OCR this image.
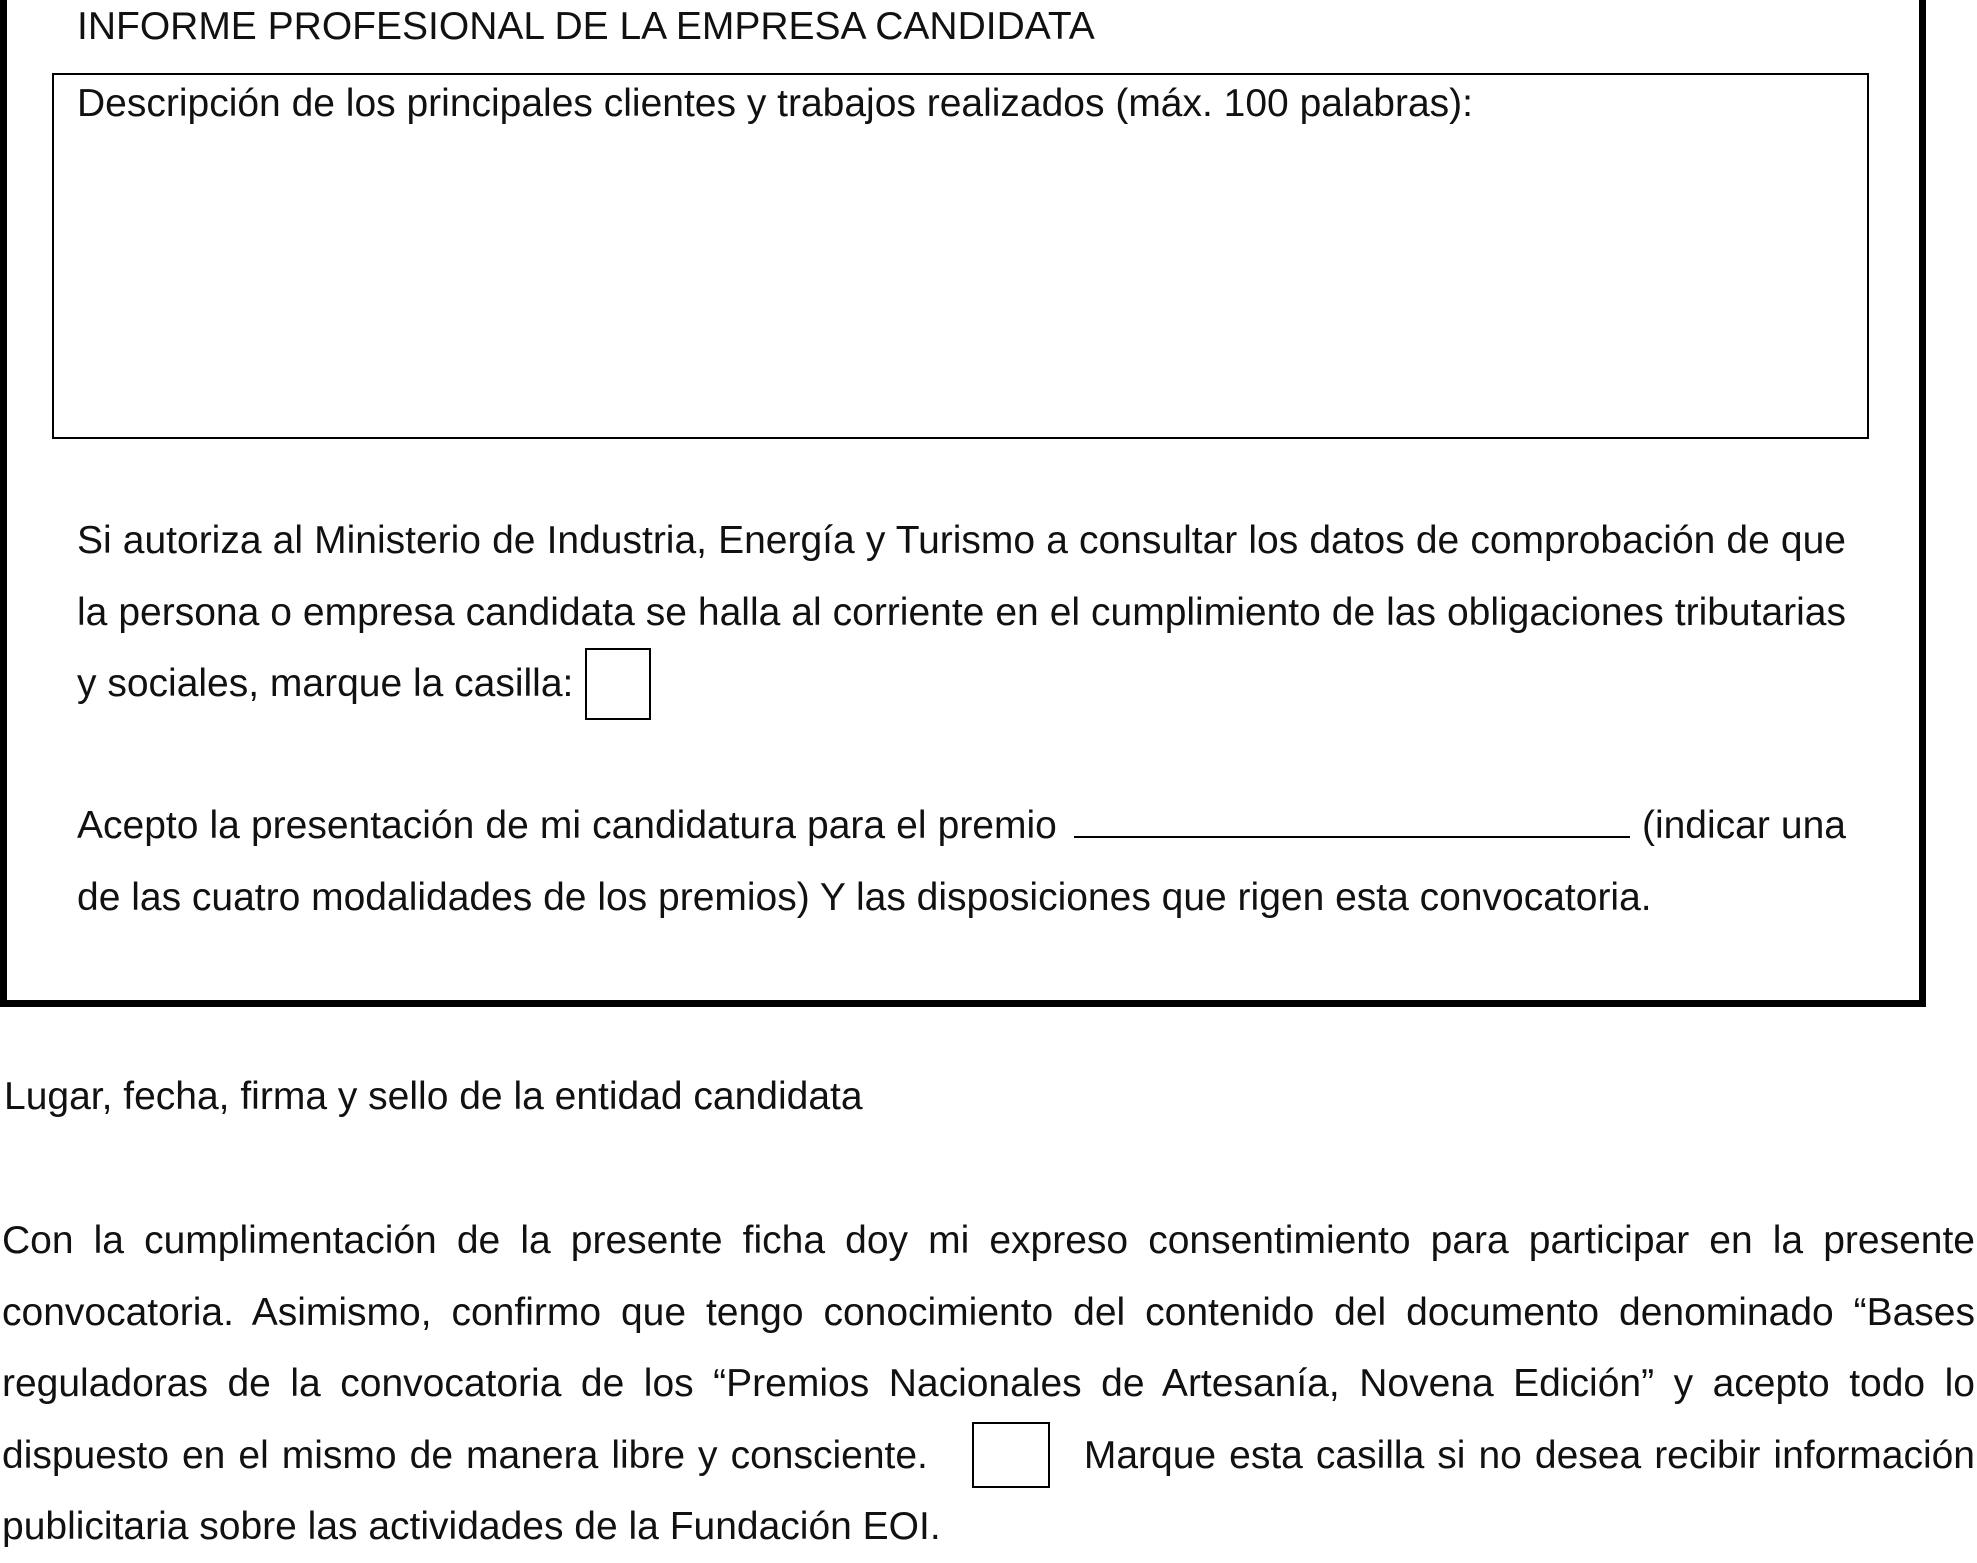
INFORME PROFESIONAL DE LA EMPRESA CANDIDATA
Descripción de los principales clientes y trabajos realizados (máx. 100 palabras):

Si autoriza al Ministerio de Industria, Energía y Turismo a consultar los datos de comprobación de que la persona o empresa candidata se halla al corriente en el cumplimiento de las obligaciones tributarias y sociales, marque la casilla:

Acepto la presentación de mi candidatura para el premio	(indicar una de las cuatro modalidades de los premios) Y las disposiciones que rigen esta convocatoria.

Lugar, fecha, firma y sello de la entidad candidata

Con la cumplimentación de la presente ficha doy mi expreso consentimiento para participar en la presente convocatoria. Asimismo, confirmo que tengo conocimiento del contenido del documento denominado “Bases reguladoras de la convocatoria de los “Premios Nacionales de Artesanía, Novena Edición” y acepto todo lo dispuesto en el mismo de manera libre y consciente.	Marque esta casilla si no desea recibir información publicitaria sobre las actividades de la Fundación EOI.
